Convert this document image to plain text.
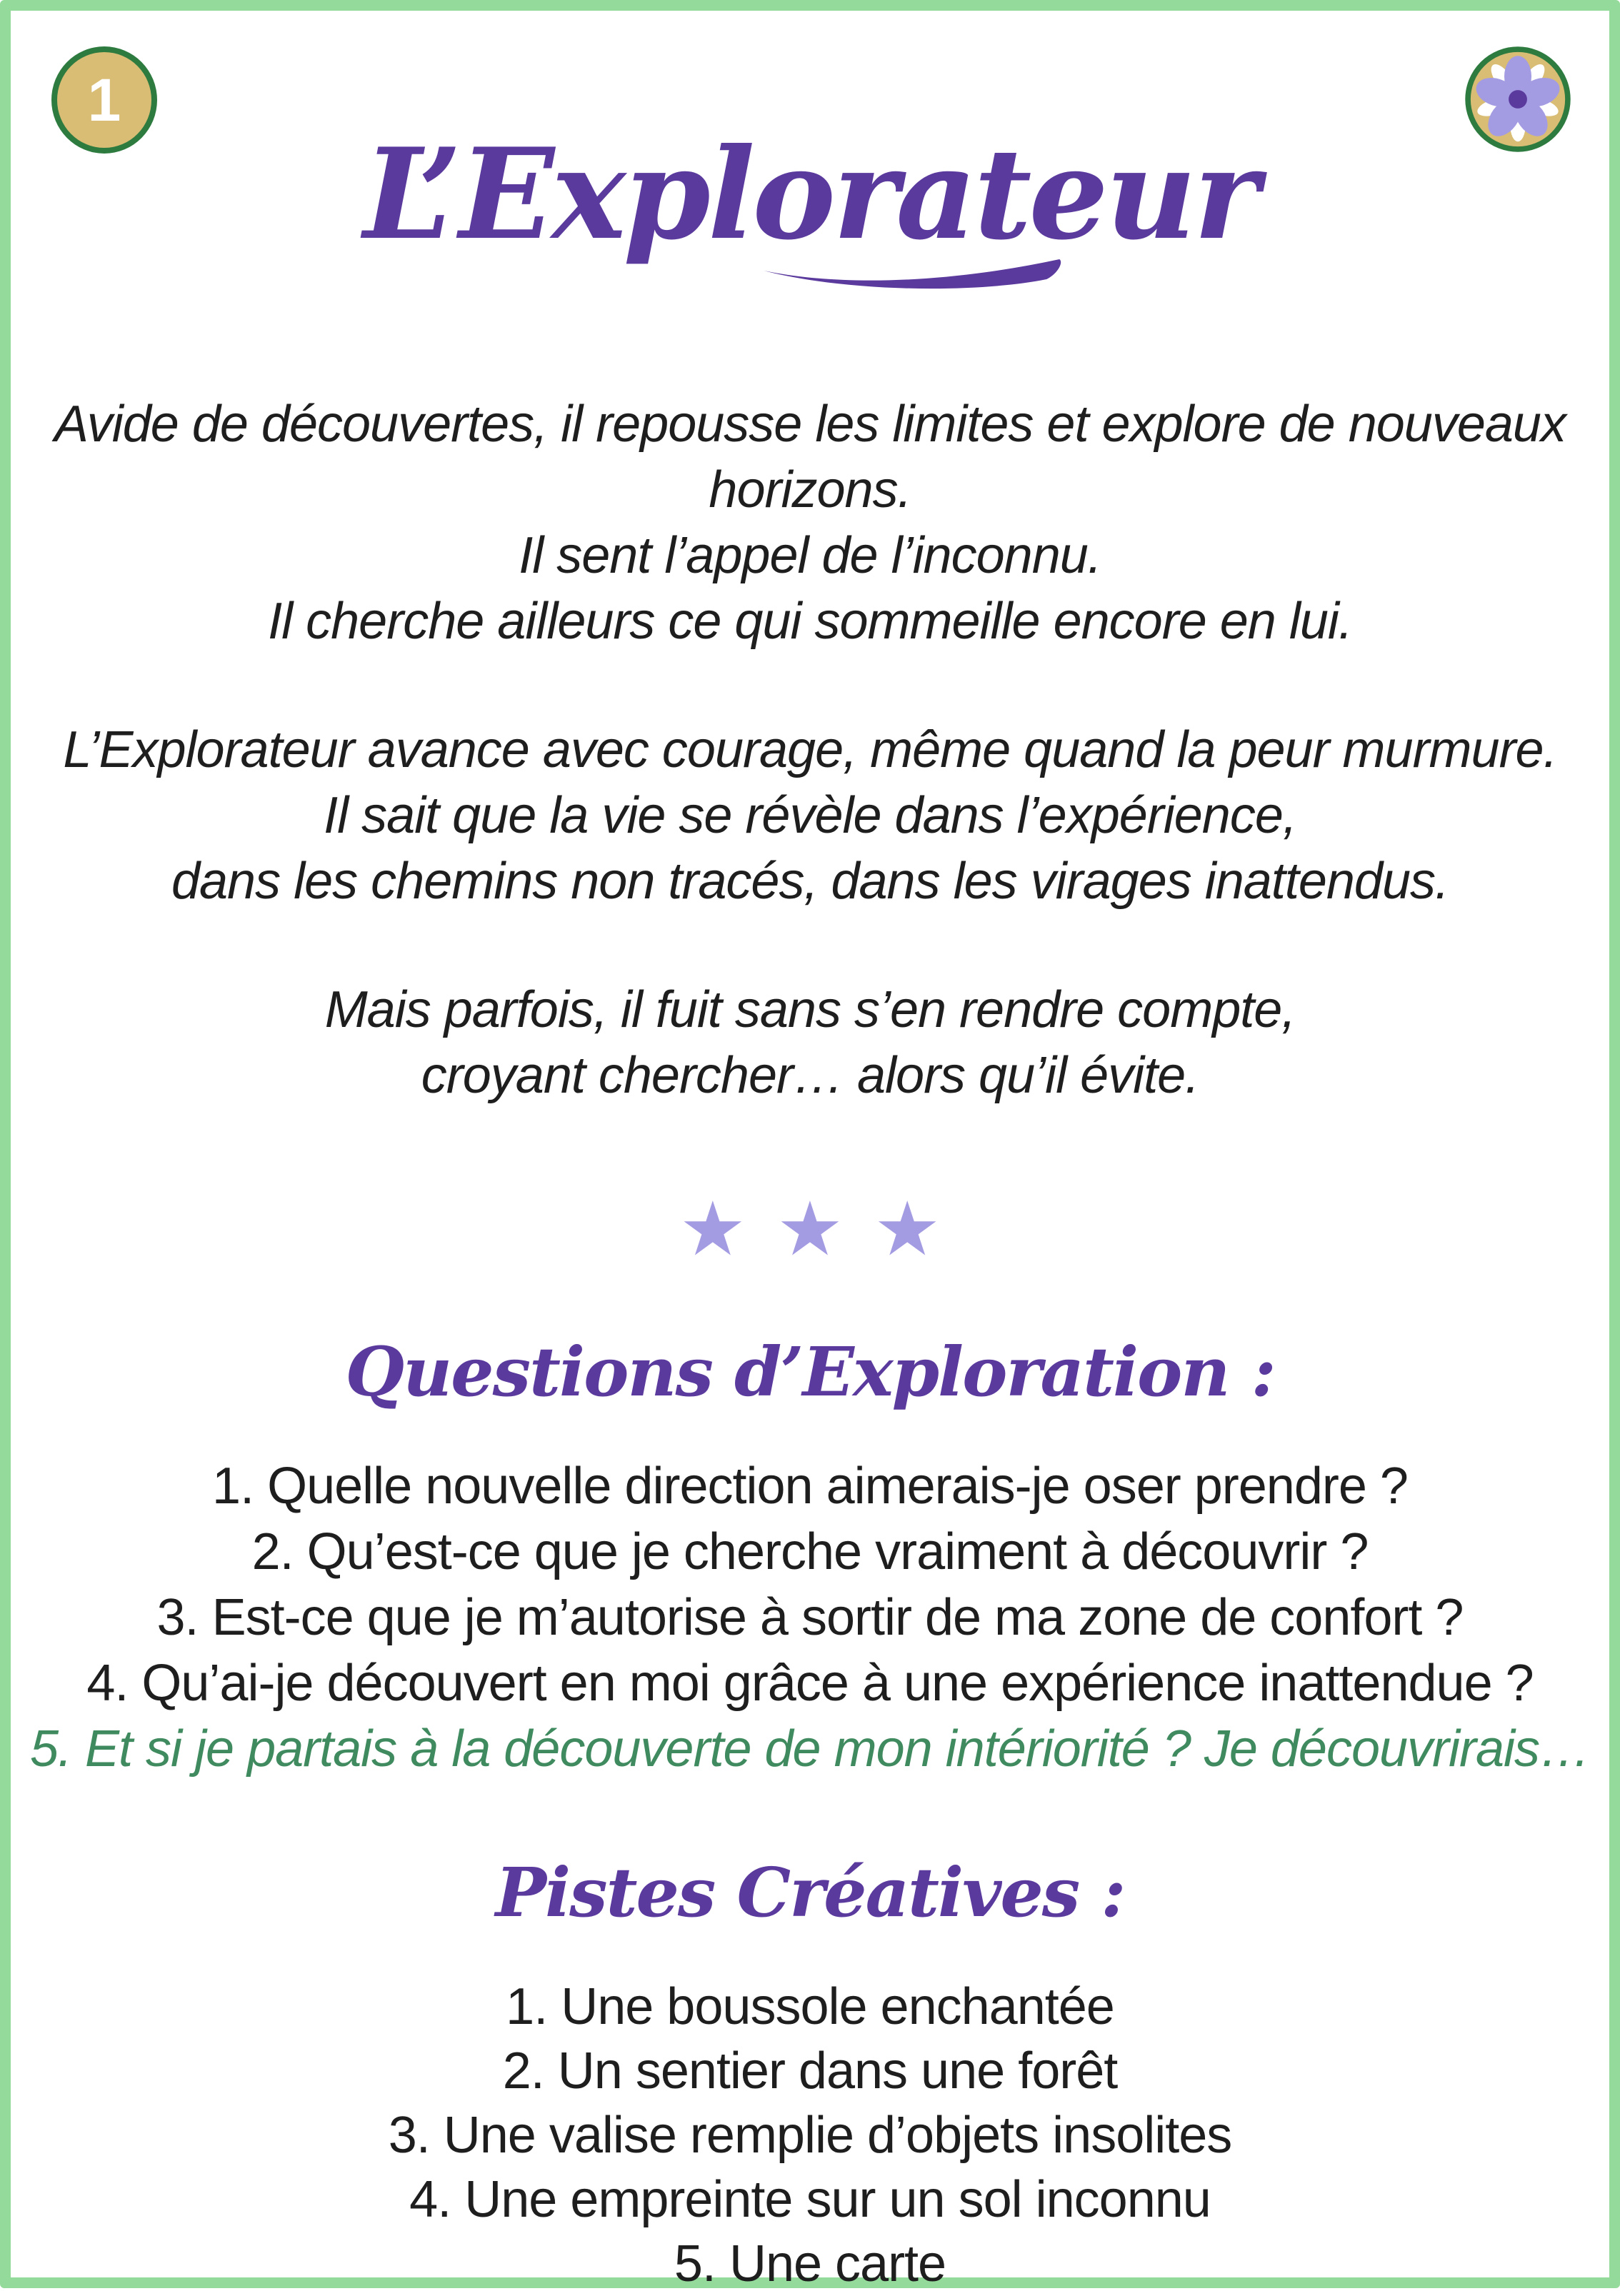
1
L’Explorateur
Avide de découvertes, il repousse les limites et explore de nouveaux horizons.
Il sent l’appel de l’inconnu.
Il cherche ailleurs ce qui sommeille encore en lui.
L’Explorateur avance avec courage, même quand la peur murmure.
Il sait que la vie se révèle dans l’expérience,
dans les chemins non tracés, dans les virages inattendus.
Mais parfois, il fuit sans s’en rendre compte,
croyant chercher… alors qu’il évite.
★★★
Questions d’Exploration :
1. Quelle nouvelle direction aimerais-je oser prendre ?
2. Qu’est-ce que je cherche vraiment à découvrir ?
3. Est-ce que je m’autorise à sortir de ma zone de confort ?
4. Qu’ai-je découvert en moi grâce à une expérience inattendue ?
5. Et si je partais à la découverte de mon intériorité ? Je découvrirais…
Pistes Créatives :
1. Une boussole enchantée
2. Un sentier dans une forêt
3. Une valise remplie d’objets insolites
4. Une empreinte sur un sol inconnu
5. Une carte
